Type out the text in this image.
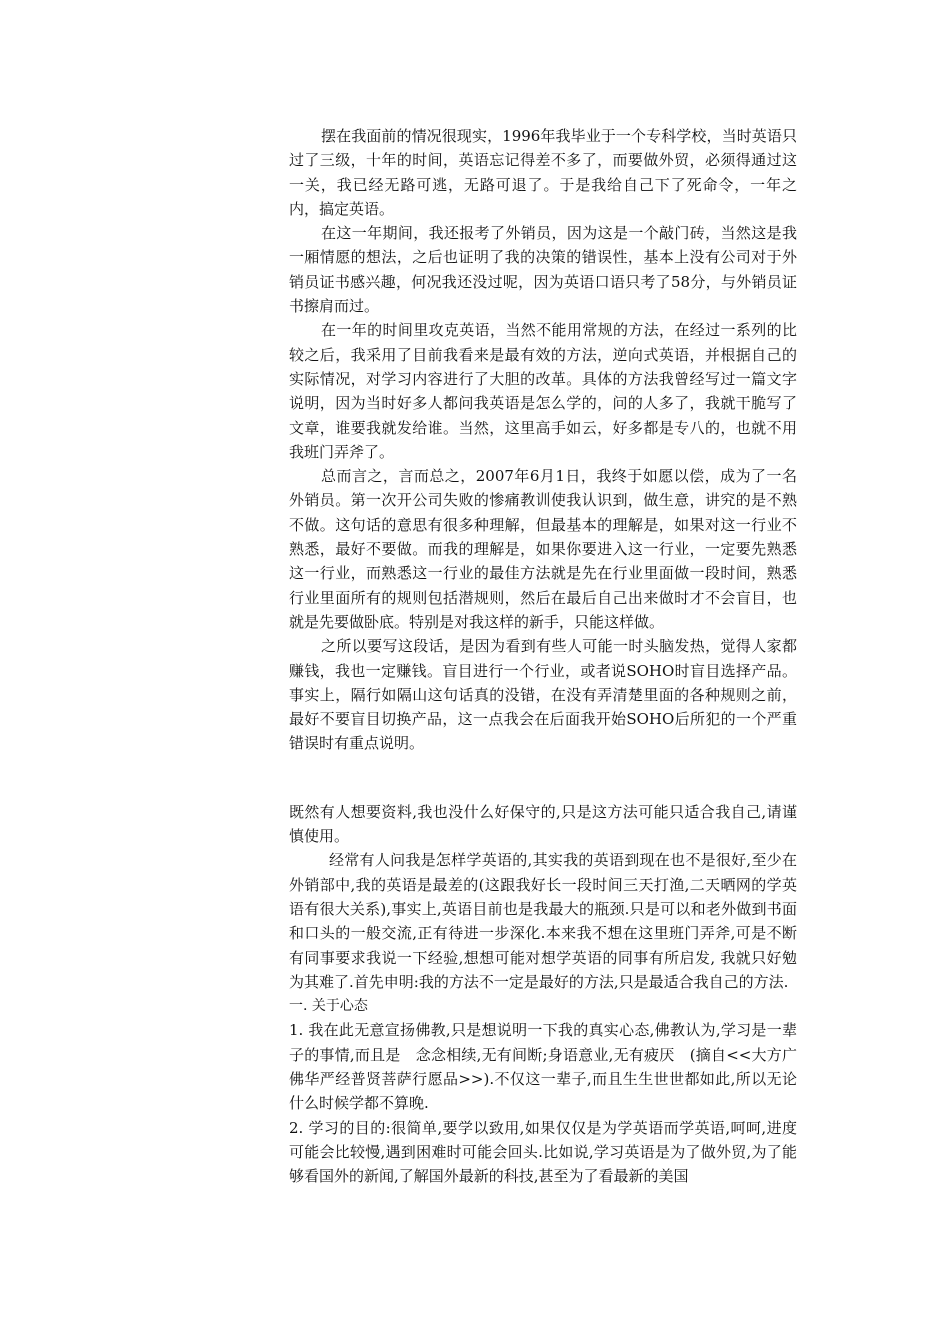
摆在我面前的情况很现实，1996年我毕业于一个专科学校，当时英语只过了三级，十年的时间，英语忘记得差不多了，而要做外贸，必须得通过这一关，我已经无路可逃，无路可退了。于是我给自己下了死命令，一年之内，搞定英语。

在这一年期间，我还报考了外销员，因为这是一个敲门砖，当然这是我一厢情愿的想法，之后也证明了我的决策的错误性，基本上没有公司对于外销员证书感兴趣，何况我还没过呢，因为英语口语只考了58分，与外销员证书擦肩而过。

在一年的时间里攻克英语，当然不能用常规的方法，在经过一系列的比较之后，我采用了目前我看来是最有效的方法，逆向式英语，并根据自己的实际情况，对学习内容进行了大胆的改革。具体的方法我曾经写过一篇文字说明，因为当时好多人都问我英语是怎么学的，问的人多了，我就干脆写了文章，谁要我就发给谁。当然，这里高手如云，好多都是专八的，也就不用我班门弄斧了。

总而言之，言而总之，2007年6月1日，我终于如愿以偿，成为了一名外销员。第一次开公司失败的惨痛教训使我认识到，做生意，讲究的是不熟不做。这句话的意思有很多种理解，但最基本的理解是，如果对这一行业不熟悉，最好不要做。而我的理解是，如果你要进入这一行业，一定要先熟悉这一行业，而熟悉这一行业的最佳方法就是先在行业里面做一段时间，熟悉行业里面所有的规则包括潜规则，然后在最后自己出来做时才不会盲目，也就是先要做卧底。特别是对我这样的新手，只能这样做。

之所以要写这段话，是因为看到有些人可能一时头脑发热，觉得人家都赚钱，我也一定赚钱。盲目进行一个行业，或者说SOHO时盲目选择产品。事实上，隔行如隔山这句话真的没错，在没有弄清楚里面的各种规则之前，最好不要盲目切换产品，这一点我会在后面我开始SOHO后所犯的一个严重错误时有重点说明。

既然有人想要资料,我也没什么好保守的,只是这方法可能只适合我自己,请谨慎使用。

经常有人问我是怎样学英语的,其实我的英语到现在也不是很好,至少在外销部中,我的英语是最差的(这跟我好长一段时间三天打渔,二天晒网的学英语有很大关系),事实上,英语目前也是我最大的瓶颈.只是可以和老外做到书面和口头的一般交流,正有待进一步深化.本来我不想在这里班门弄斧,可是不断有同事要求我说一下经验,想想可能对想学英语的同事有所启发, 我就只好勉为其难了.首先申明:我的方法不一定是最好的方法,只是最适合我自己的方法.

一. 关于心态

1. 我在此无意宣扬佛教,只是想说明一下我的真实心态,佛教认为,学习是一辈子的事情,而且是　念念相续,无有间断;身语意业,无有疲厌　(摘自<<大方广佛华严经普贤菩萨行愿品>>).不仅这一辈子,而且生生世世都如此,所以无论什么时候学都不算晚.

2. 学习的目的:很简单,要学以致用,如果仅仅是为学英语而学英语,呵呵,进度可能会比较慢,遇到困难时可能会回头.比如说,学习英语是为了做外贸,为了能够看国外的新闻,了解国外最新的科技,甚至为了看最新的美国
